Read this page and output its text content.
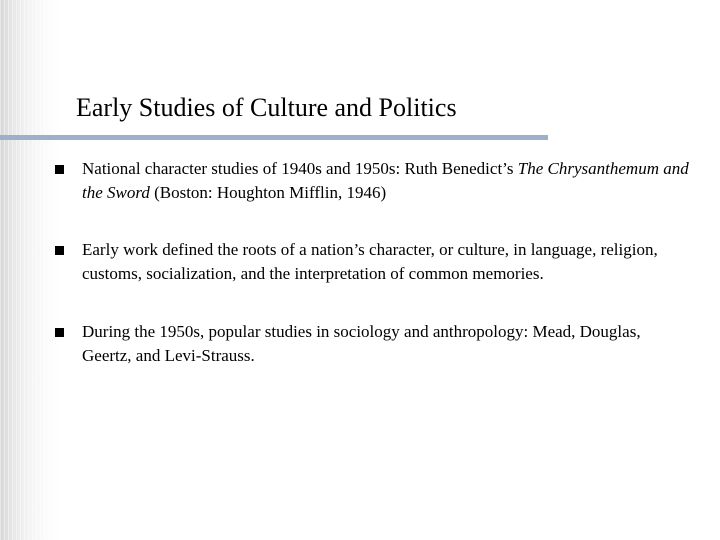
Early Studies of Culture and Politics
National character studies of 1940s and 1950s: Ruth Benedict’s The Chrysanthemum and the Sword (Boston: Houghton Mifflin, 1946)
Early work defined the roots of a nation’s character, or culture, in language, religion, customs, socialization, and the interpretation of common memories.
During the 1950s, popular studies in sociology and anthropology: Mead, Douglas, Geertz, and Levi-Strauss.
